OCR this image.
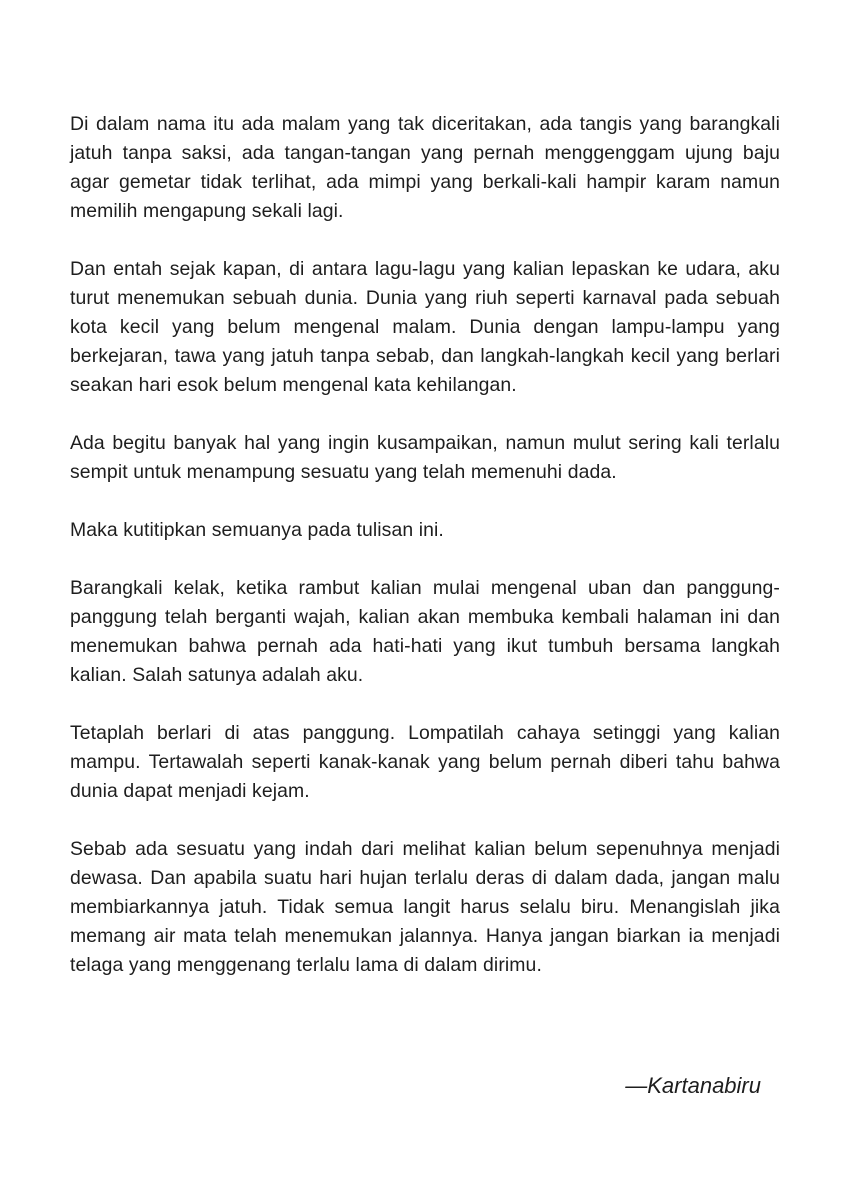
Di dalam nama itu ada malam yang tak diceritakan, ada tangis yang barangkali jatuh tanpa saksi, ada tangan-tangan yang pernah menggenggam ujung baju agar gemetar tidak terlihat, ada mimpi yang berkali-kali hampir karam namun memilih mengapung sekali lagi.

Dan entah sejak kapan, di antara lagu-lagu yang kalian lepaskan ke udara, aku turut menemukan sebuah dunia. Dunia yang riuh seperti karnaval pada sebuah kota kecil yang belum mengenal malam. Dunia dengan lampu-lampu yang berkejaran, tawa yang jatuh tanpa sebab, dan langkah-langkah kecil yang berlari seakan hari esok belum mengenal kata kehilangan.

Ada begitu banyak hal yang ingin kusampaikan, namun mulut sering kali terlalu sempit untuk menampung sesuatu yang telah memenuhi dada.

Maka kutitipkan semuanya pada tulisan ini.

Barangkali kelak, ketika rambut kalian mulai mengenal uban dan panggung-panggung telah berganti wajah, kalian akan membuka kembali halaman ini dan menemukan bahwa pernah ada hati-hati yang ikut tumbuh bersama langkah kalian. Salah satunya adalah aku.

Tetaplah berlari di atas panggung. Lompatilah cahaya setinggi yang kalian mampu. Tertawalah seperti kanak-kanak yang belum pernah diberi tahu bahwa dunia dapat menjadi kejam.

Sebab ada sesuatu yang indah dari melihat kalian belum sepenuhnya menjadi dewasa. Dan apabila suatu hari hujan terlalu deras di dalam dada, jangan malu membiarkannya jatuh. Tidak semua langit harus selalu biru. Menangislah jika memang air mata telah menemukan jalannya. Hanya jangan biarkan ia menjadi telaga yang menggenang terlalu lama di dalam dirimu.

—Kartanabiru
